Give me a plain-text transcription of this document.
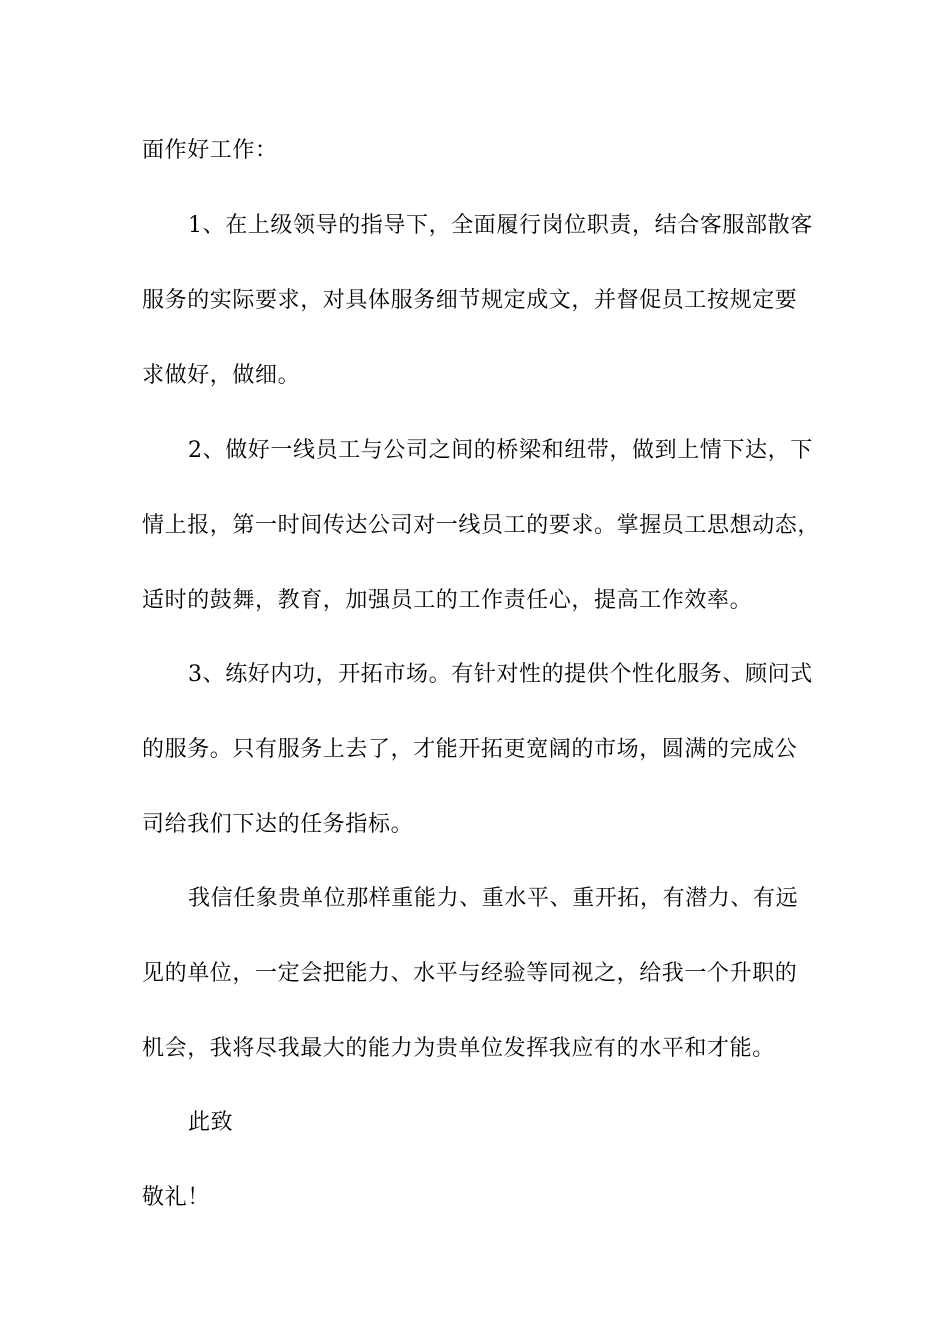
面作好工作：
1、在上级领导的指导下，全面履行岗位职责，结合客服部散客
服务的实际要求，对具体服务细节规定成文，并督促员工按规定要
求做好，做细。
2、做好一线员工与公司之间的桥梁和纽带，做到上情下达，下
情上报，第一时间传达公司对一线员工的要求。掌握员工思想动态，
适时的鼓舞，教育，加强员工的工作责任心，提高工作效率。
3、练好内功，开拓市场。有针对性的提供个性化服务、顾问式
的服务。只有服务上去了，才能开拓更宽阔的市场，圆满的完成公
司给我们下达的任务指标。
我信任象贵单位那样重能力、重水平、重开拓，有潜力、有远
见的单位，一定会把能力、水平与经验等同视之，给我一个升职的
机会，我将尽我最大的能力为贵单位发挥我应有的水平和才能。
此致
敬礼！
